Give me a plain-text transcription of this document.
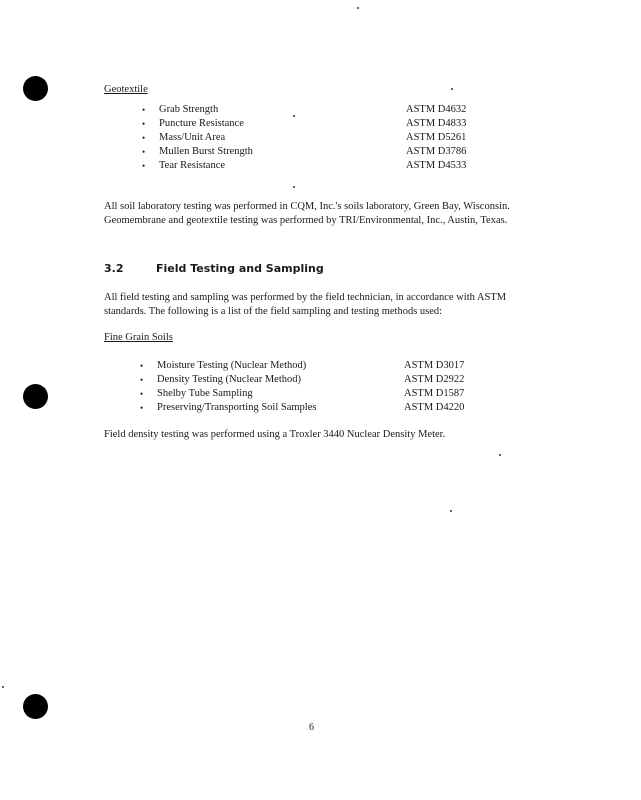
Geotextile
• Grab Strength	ASTM D4632
• Puncture Resistance	ASTM D4833
• Mass/Unit Area	ASTM D5261
• Mullen Burst Strength	ASTM D3786
• Tear Resistance	ASTM D4533

All soil laboratory testing was performed in CQM, Inc.'s soils laboratory, Green Bay, Wisconsin. Geomembrane and geotextile testing was performed by TRI/Environmental, Inc., Austin, Texas.

3.2	Field Testing and Sampling

All field testing and sampling was performed by the field technician, in accordance with ASTM standards. The following is a list of the field sampling and testing methods used:

Fine Grain Soils
• Moisture Testing (Nuclear Method)	ASTM D3017
• Density Testing (Nuclear Method)	ASTM D2922
• Shelby Tube Sampling	ASTM D1587
• Preserving/Transporting Soil Samples	ASTM D4220

Field density testing was performed using a Troxler 3440 Nuclear Density Meter.

6
